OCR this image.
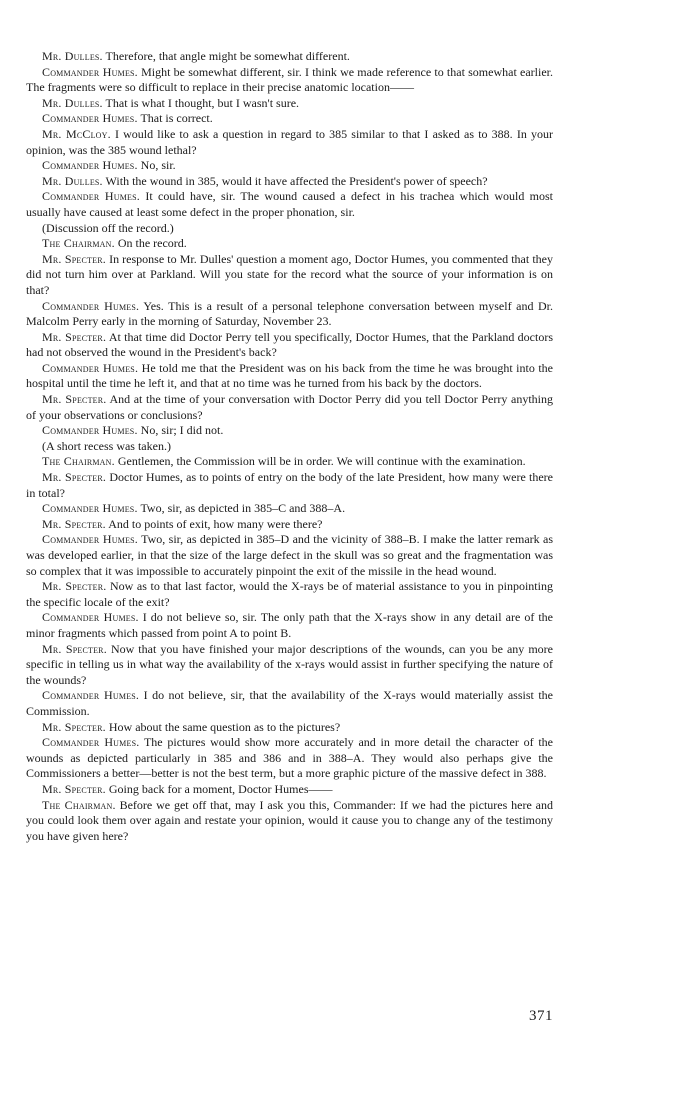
Mr. Dulles. Therefore, that angle might be somewhat different.

Commander Humes. Might be somewhat different, sir. I think we made reference to that somewhat earlier. The fragments were so difficult to replace in their precise anatomic location——

Mr. Dulles. That is what I thought, but I wasn't sure.

Commander Humes. That is correct.

Mr. McCloy. I would like to ask a question in regard to 385 similar to that I asked as to 388. In your opinion, was the 385 wound lethal?

Commander Humes. No, sir.

Mr. Dulles. With the wound in 385, would it have affected the President's power of speech?

Commander Humes. It could have, sir. The wound caused a defect in his trachea which would most usually have caused at least some defect in the proper phonation, sir.

(Discussion off the record.)

The Chairman. On the record.

Mr. Specter. In response to Mr. Dulles' question a moment ago, Doctor Humes, you commented that they did not turn him over at Parkland. Will you state for the record what the source of your information is on that?

Commander Humes. Yes. This is a result of a personal telephone conversation between myself and Dr. Malcolm Perry early in the morning of Saturday, November 23.

Mr. Specter. At that time did Doctor Perry tell you specifically, Doctor Humes, that the Parkland doctors had not observed the wound in the President's back?

Commander Humes. He told me that the President was on his back from the time he was brought into the hospital until the time he left it, and that at no time was he turned from his back by the doctors.

Mr. Specter. And at the time of your conversation with Doctor Perry did you tell Doctor Perry anything of your observations or conclusions?

Commander Humes. No, sir; I did not.

(A short recess was taken.)

The Chairman. Gentlemen, the Commission will be in order. We will continue with the examination.

Mr. Specter. Doctor Humes, as to points of entry on the body of the late President, how many were there in total?

Commander Humes. Two, sir, as depicted in 385–C and 388–A.

Mr. Specter. And to points of exit, how many were there?

Commander Humes. Two, sir, as depicted in 385–D and the vicinity of 388–B. I make the latter remark as was developed earlier, in that the size of the large defect in the skull was so great and the fragmentation was so complex that it was impossible to accurately pinpoint the exit of the missile in the head wound.

Mr. Specter. Now as to that last factor, would the X-rays be of material assistance to you in pinpointing the specific locale of the exit?

Commander Humes. I do not believe so, sir. The only path that the X-rays show in any detail are of the minor fragments which passed from point A to point B.

Mr. Specter. Now that you have finished your major descriptions of the wounds, can you be any more specific in telling us in what way the availability of the x-rays would assist in further specifying the nature of the wounds?

Commander Humes. I do not believe, sir, that the availability of the X-rays would materially assist the Commission.

Mr. Specter. How about the same question as to the pictures?

Commander Humes. The pictures would show more accurately and in more detail the character of the wounds as depicted particularly in 385 and 386 and in 388–A. They would also perhaps give the Commissioners a better—better is not the best term, but a more graphic picture of the massive defect in 388.

Mr. Specter. Going back for a moment, Doctor Humes——

The Chairman. Before we get off that, may I ask you this, Commander: If we had the pictures here and you could look them over again and restate your opinion, would it cause you to change any of the testimony you have given here?

371
